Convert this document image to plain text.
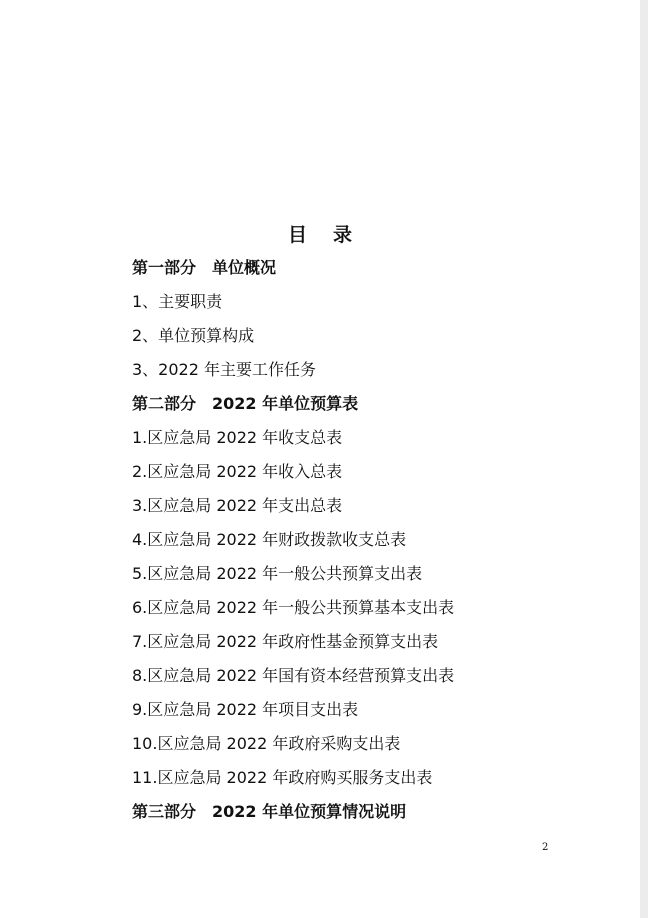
目录
第一部分　单位概况
1、主要职责
2、单位预算构成
3、2022 年主要工作任务
第二部分　2022 年单位预算表
1.区应急局 2022 年收支总表
2.区应急局 2022 年收入总表
3.区应急局 2022 年支出总表
4.区应急局 2022 年财政拨款收支总表
5.区应急局 2022 年一般公共预算支出表
6.区应急局 2022 年一般公共预算基本支出表
7.区应急局 2022 年政府性基金预算支出表
8.区应急局 2022 年国有资本经营预算支出表
9.区应急局 2022 年项目支出表
10.区应急局 2022 年政府采购支出表
11.区应急局 2022 年政府购买服务支出表
第三部分　2022 年单位预算情况说明
2
